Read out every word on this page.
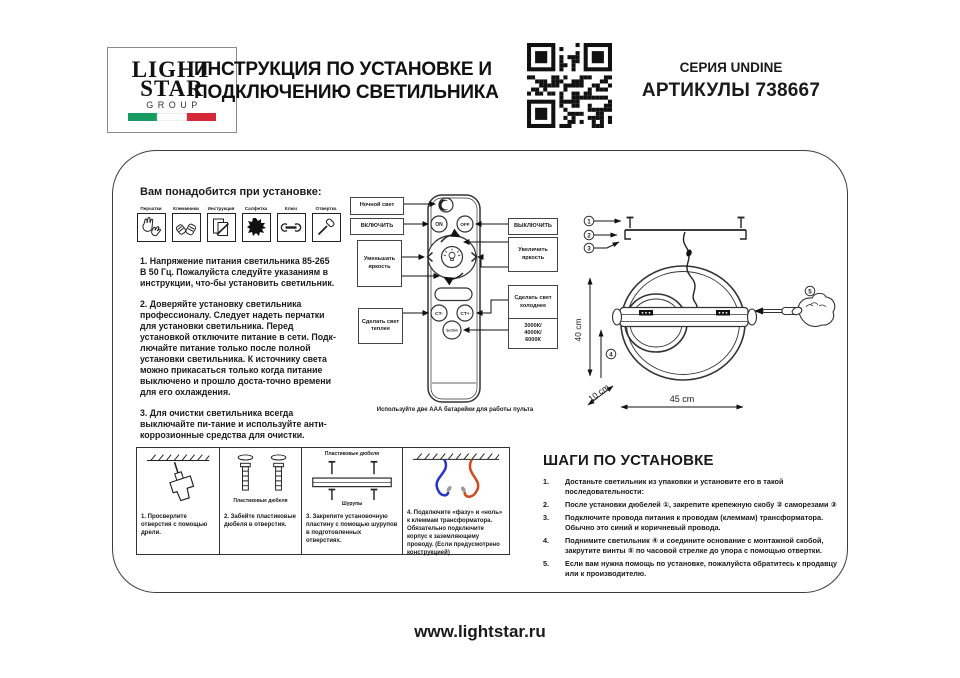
LIGHT
STAR
GROUP
ИНСТРУКЦИЯ ПО УСТАНОВКЕ И
ПОДКЛЮЧЕНИЮ СВЕТИЛЬНИКА
СЕРИЯ UNDINE
АРТИКУЛЫ 738667
Вам понадобится при установке:
Перчатки	Клеммники Инструкция Салфетка	Ключ	Отвертка

1. Напряжение питания светильника 85-265 В 50 Гц. Пожалуйста следуйте указаниям в инструкции, что-бы установить светильник.

2. Доверяйте установку светильника профессионалу. Следует надеть перчатки для установки светильника. Перед установкой отключите питание в сети. Подк-лючайте питание только после полной установки светильника. К источнику света можно прикасаться только когда питание выключено и прошло доста-точно времени для его охлаждения.

3. Для очистки светильника всегда выключайте пи-тание и используйте анти-коррозионные средства для очистки.

ON	OFF
CT-	CT+
Section
Ночной свет
ВКЛЮЧИТЬ
Уменьшать яркость
Сделать свет теплее
ВЫКЛЮЧИТЬ
Увеличить яркость
Сделать свет холоднее
3000К/
4000К/
6000К
Используйте две ААА батарейки для работы пульта
1
2
3
4
5
40 cm
10 cm	45 cm
1. Просверлите отверстия с помощью дрели.
Пластиковые дюбеля
2. Забейте пластиковые дюбеля в отверстия.
Пластиковые дюбеля
Шурупы
3. Закрепите установочную пластину с помощью шурупов в подготовленных отверстиях.
4. Подключите «фазу» и «ноль» к клеммам трансформатора. Обязательно подключите корпус к заземляющему проводу. (Если предусмотрено конструкцией)
ШАГИ ПО УСТАНОВКЕ
1.	Достаньте светильник из упаковки и установите его в такой последовательности:
2.	После установки дюбелей ①, закрепите крепежную скобу ② саморезами ③
3.	Подключите провода питания к проводам (клеммам) трансформатора. Обычно это синий и коричневый провода.
4.	Поднимите светильник ④ и соедините основание с монтажной скобой, закрутите винты ⑤ по часовой стрелке до упора с помощью отвертки.
5.	Если вам нужна помощь по установке, пожалуйста обратитесь к продавцу или к производителю.
www.lightstar.ru
